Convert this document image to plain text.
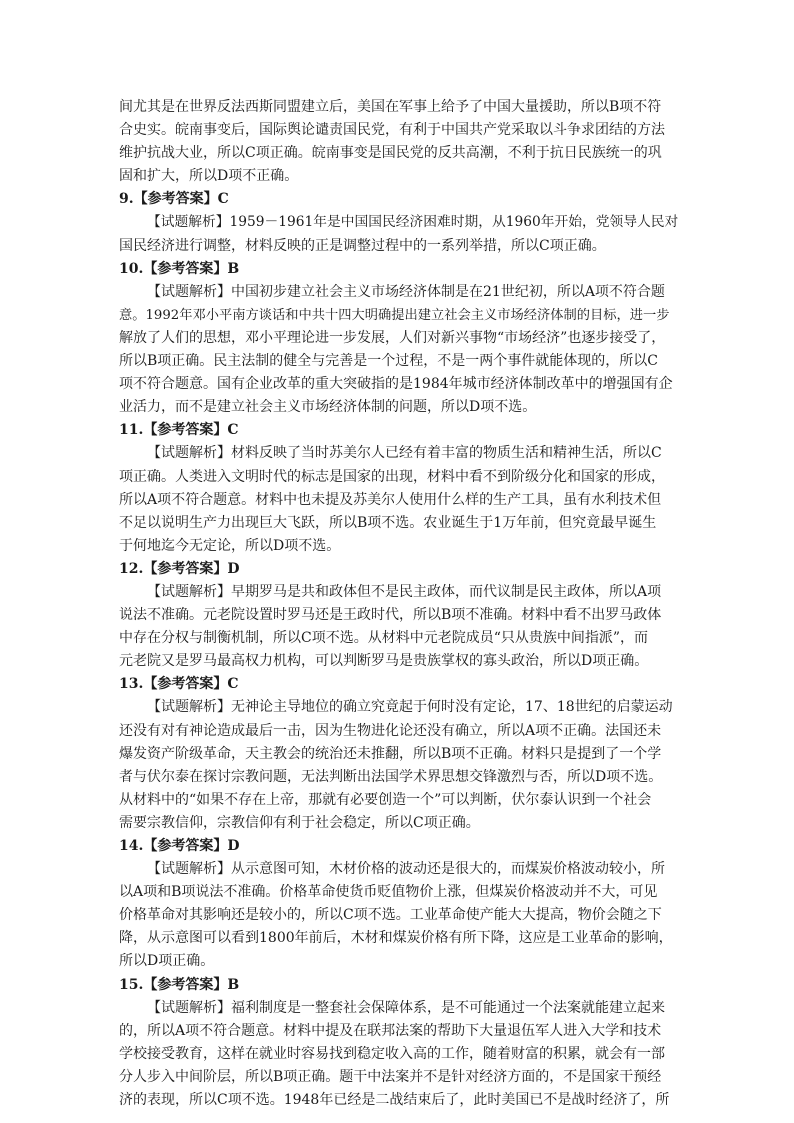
间尤其是在世界反法西斯同盟建立后，美国在军事上给予了中国大量援助，所以B项不符
合史实。皖南事变后，国际舆论谴责国民党，有利于中国共产党采取以斗争求团结的方法
维护抗战大业，所以C项正确。皖南事变是国民党的反共高潮，不利于抗日民族统一的巩
固和扩大，所以D项不正确。
9.【参考答案】C
【试题解析】1959－1961年是中国国民经济困难时期，从1960年开始，党领导人民对
国民经济进行调整，材料反映的正是调整过程中的一系列举措，所以C项正确。
10.【参考答案】B
【试题解析】中国初步建立社会主义市场经济体制是在21世纪初，所以A项不符合题
意。1992年邓小平南方谈话和中共十四大明确提出建立社会主义市场经济体制的目标，进一步
解放了人们的思想，邓小平理论进一步发展，人们对新兴事物“市场经济”也逐步接受了，
所以B项正确。民主法制的健全与完善是一个过程，不是一两个事件就能体现的，所以C
项不符合题意。国有企业改革的重大突破指的是1984年城市经济体制改革中的增强国有企
业活力，而不是建立社会主义市场经济体制的问题，所以D项不选。
11.【参考答案】C
【试题解析】材料反映了当时苏美尔人已经有着丰富的物质生活和精神生活，所以C
项正确。人类进入文明时代的标志是国家的出现，材料中看不到阶级分化和国家的形成，
所以A项不符合题意。材料中也未提及苏美尔人使用什么样的生产工具，虽有水利技术但
不足以说明生产力出现巨大飞跃，所以B项不选。农业诞生于1万年前，但究竟最早诞生
于何地迄今无定论，所以D项不选。
12.【参考答案】D
【试题解析】早期罗马是共和政体但不是民主政体，而代议制是民主政体，所以A项
说法不准确。元老院设置时罗马还是王政时代，所以B项不准确。材料中看不出罗马政体
中存在分权与制衡机制，所以C项不选。从材料中元老院成员“只从贵族中间指派”，而
元老院又是罗马最高权力机构，可以判断罗马是贵族掌权的寡头政治，所以D项正确。
13.【参考答案】C
【试题解析】无神论主导地位的确立究竟起于何时没有定论，17、18世纪的启蒙运动
还没有对有神论造成最后一击，因为生物进化论还没有确立，所以A项不正确。法国还未
爆发资产阶级革命，天主教会的统治还未推翻，所以B项不正确。材料只是提到了一个学
者与伏尔泰在探讨宗教问题，无法判断出法国学术界思想交锋激烈与否，所以D项不选。
从材料中的“如果不存在上帝，那就有必要创造一个”可以判断，伏尔泰认识到一个社会
需要宗教信仰，宗教信仰有利于社会稳定，所以C项正确。
14.【参考答案】D
【试题解析】从示意图可知，木材价格的波动还是很大的，而煤炭价格波动较小，所
以A项和B项说法不准确。价格革命使货币贬值物价上涨，但煤炭价格波动并不大，可见
价格革命对其影响还是较小的，所以C项不选。工业革命使产能大大提高，物价会随之下
降，从示意图可以看到1800年前后，木材和煤炭价格有所下降，这应是工业革命的影响，
所以D项正确。
15.【参考答案】B
【试题解析】福利制度是一整套社会保障体系，是不可能通过一个法案就能建立起来
的，所以A项不符合题意。材料中提及在联邦法案的帮助下大量退伍军人进入大学和技术
学校接受教育，这样在就业时容易找到稳定收入高的工作，随着财富的积累，就会有一部
分人步入中间阶层，所以B项正确。题干中法案并不是针对经济方面的，不是国家干预经
济的表现，所以C项不选。1948年已经是二战结束后了，此时美国已不是战时经济了，所
